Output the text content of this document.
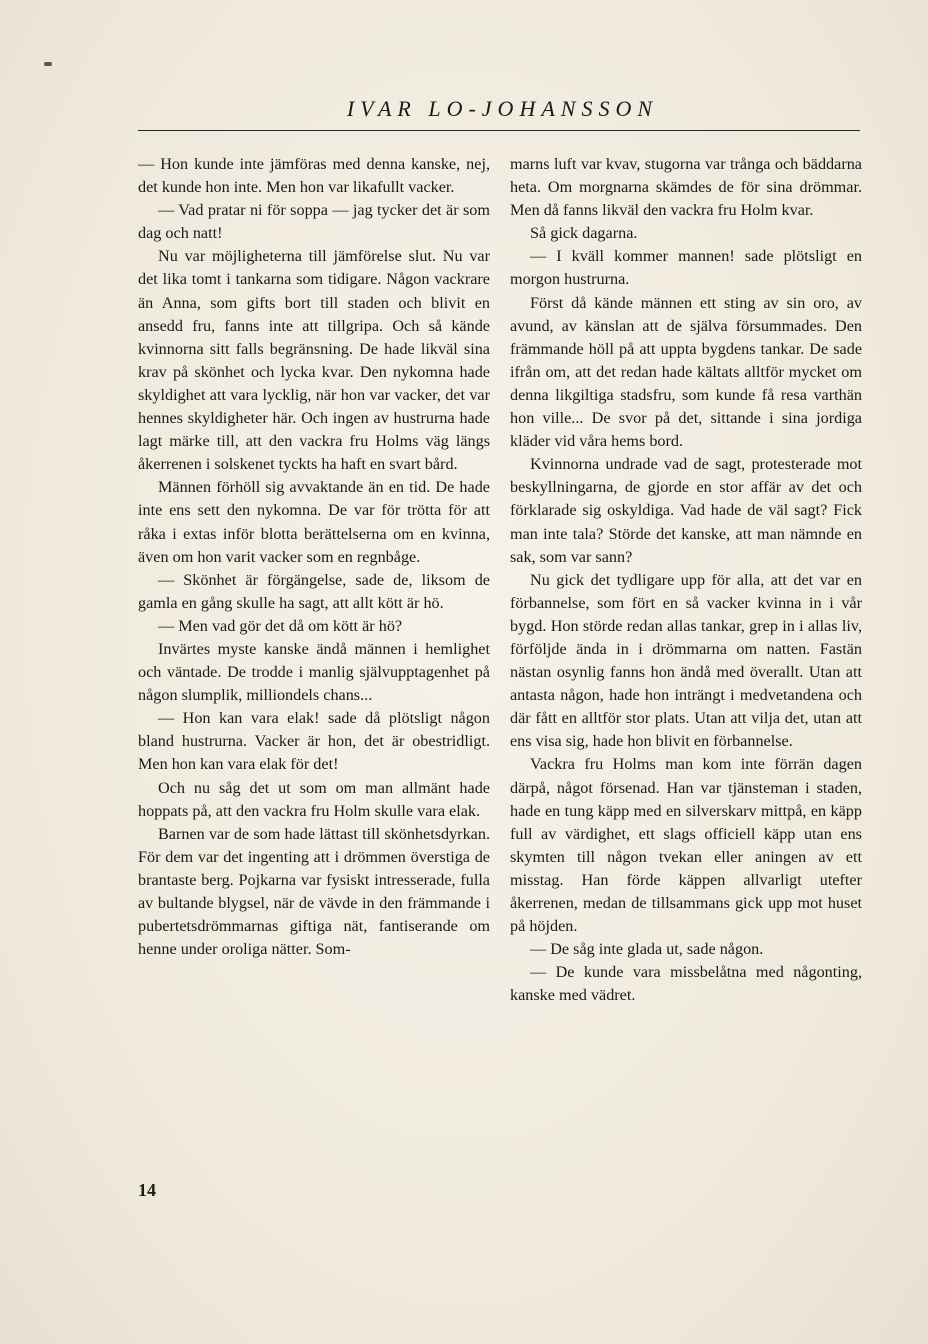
IVAR LO-JOHANSSON

— Hon kunde inte jämföras med denna kanske, nej, det kunde hon inte. Men hon var likafullt vacker.

— Vad pratar ni för soppa — jag tycker det är som dag och natt!

Nu var möjligheterna till jämförelse slut. Nu var det lika tomt i tankarna som tidigare. Någon vackrare än Anna, som gifts bort till staden och blivit en ansedd fru, fanns inte att tillgripa. Och så kände kvinnorna sitt falls begränsning. De hade likväl sina krav på skönhet och lycka kvar. Den nykomna hade skyldighet att vara lycklig, när hon var vacker, det var hennes skyldigheter här. Och ingen av hustrurna hade lagt märke till, att den vackra fru Holms väg längs åkerrenen i solskenet tyckts ha haft en svart bård.

Männen förhöll sig avvaktande än en tid. De hade inte ens sett den nykomna. De var för trötta för att råka i extas inför blotta berättelserna om en kvinna, även om hon varit vacker som en regnbåge.

— Skönhet är förgängelse, sade de, liksom de gamla en gång skulle ha sagt, att allt kött är hö.

— Men vad gör det då om kött är hö?

Invärtes myste kanske ändå männen i hemlighet och väntade. De trodde i manlig självupptagenhet på någon slumplik, milliondels chans...

— Hon kan vara elak! sade då plötsligt någon bland hustrurna. Vacker är hon, det är obestridligt. Men hon kan vara elak för det!

Och nu såg det ut som om man allmänt hade hoppats på, att den vackra fru Holm skulle vara elak.

Barnen var de som hade lättast till skönhetsdyrkan. För dem var det ingenting att i drömmen överstiga de brantaste berg. Pojkarna var fysiskt intresserade, fulla av bultande blygsel, när de vävde in den främmande i pubertetsdrömmarnas giftiga nät, fantiserande om henne under oroliga nätter. Som-

marns luft var kvav, stugorna var trånga och bäddarna heta. Om morgnarna skämdes de för sina drömmar. Men då fanns likväl den vackra fru Holm kvar.

Så gick dagarna.

— I kväll kommer mannen! sade plötsligt en morgon hustrurna.

Först då kände männen ett sting av sin oro, av avund, av känslan att de själva försummades. Den främmande höll på att uppta bygdens tankar. De sade ifrån om, att det redan hade kältats alltför mycket om denna likgiltiga stadsfru, som kunde få resa varthän hon ville... De svor på det, sittande i sina jordiga kläder vid våra hems bord.

Kvinnorna undrade vad de sagt, protesterade mot beskyllningarna, de gjorde en stor affär av det och förklarade sig oskyldiga. Vad hade de väl sagt? Fick man inte tala? Störde det kanske, att man nämnde en sak, som var sann?

Nu gick det tydligare upp för alla, att det var en förbannelse, som fört en så vacker kvinna in i vår bygd. Hon störde redan allas tankar, grep in i allas liv, förföljde ända in i drömmarna om natten. Fastän nästan osynlig fanns hon ändå med överallt. Utan att antasta någon, hade hon inträngt i medvetandena och där fått en alltför stor plats. Utan att vilja det, utan att ens visa sig, hade hon blivit en förbannelse.

Vackra fru Holms man kom inte förrän dagen därpå, något försenad. Han var tjänsteman i staden, hade en tung käpp med en silverskarv mittpå, en käpp full av värdighet, ett slags officiell käpp utan ens skymten till någon tvekan eller aningen av ett misstag. Han förde käppen allvarligt utefter åkerrenen, medan de tillsammans gick upp mot huset på höjden.

— De såg inte glada ut, sade någon.

— De kunde vara missbelåtna med någonting, kanske med vädret.

14
